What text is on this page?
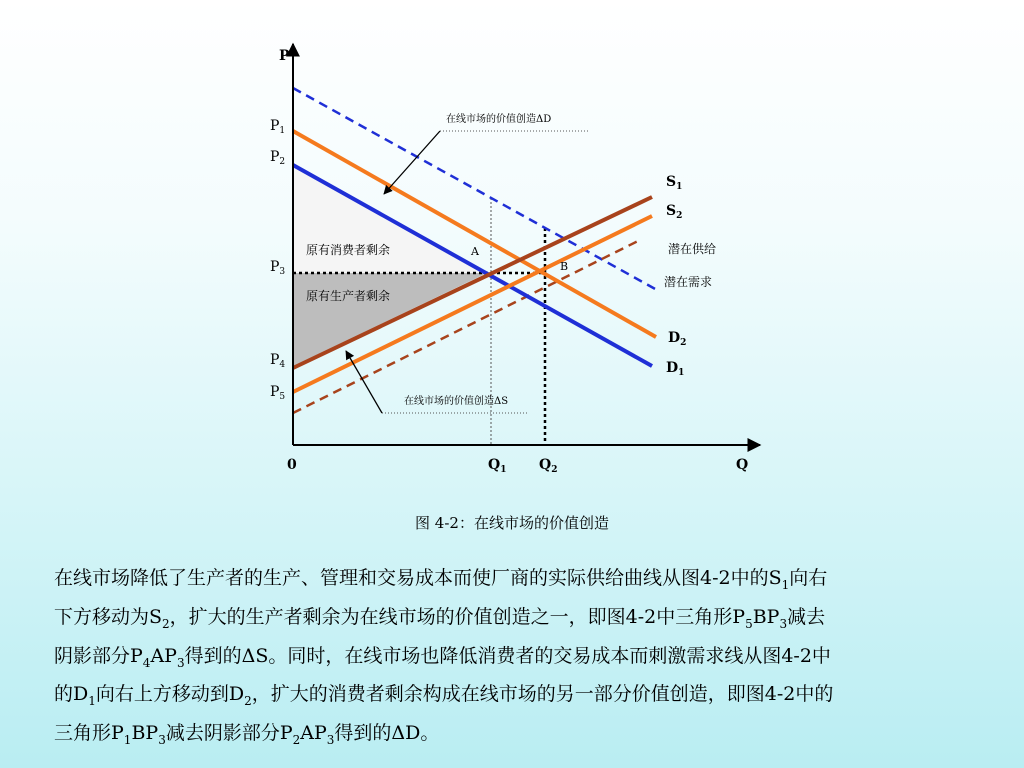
在线市场的价值创造ΔD
在线市场的价值创造ΔS
P
Q
0
$P_1$
$P_2$
$P_3$
$P_4$
$P_5$
$Q_1$ $Q_2$
$S_1$
$S_2$
$D_2$
$D_1$
A
B
原有消费者剩余
原有生产者剩余
潜在供给
潜在需求
图 4-2：在线市场的价值创造
在线市场降低了生产者的生产、管理和交易成本而使厂商的实际供给曲线从图4-2中的$S_1$向右
下方移动为$S_2$，扩大的生产者剩余为在线市场的价值创造之一，即图4-2中三角形$P_5BP_3$减去
阴影部分$P_4AP_3$得到的ΔS。同时，在线市场也降低消费者的交易成本而刺激需求线从图4-2中
的$D_1$向右上方移动到$D_2$，扩大的消费者剩余构成在线市场的另一部分价值创造，即图4-2中的
三角形$P_1BP_3$减去阴影部分$P_2AP_3$得到的ΔD。
